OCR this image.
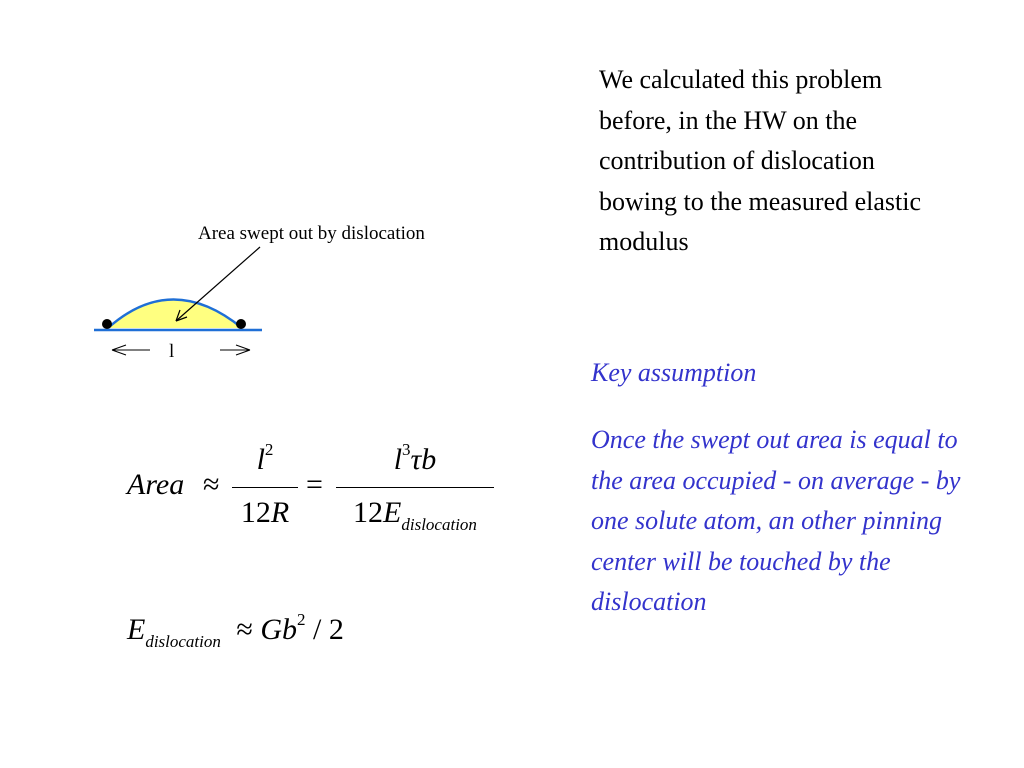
We calculated this problem before, in the HW on the contribution of dislocation bowing to the measured elastic modulus

Key assumption

Once the swept out area is equal to the area occupied - on average - by one solute atom, an other pinning center will be touched by the dislocation

Area swept out by dislocation
l
Area ≈
l2
12R
=
l3τb
12Edislocation
$E_{dislocation} \approx Gb^2 / 2$
